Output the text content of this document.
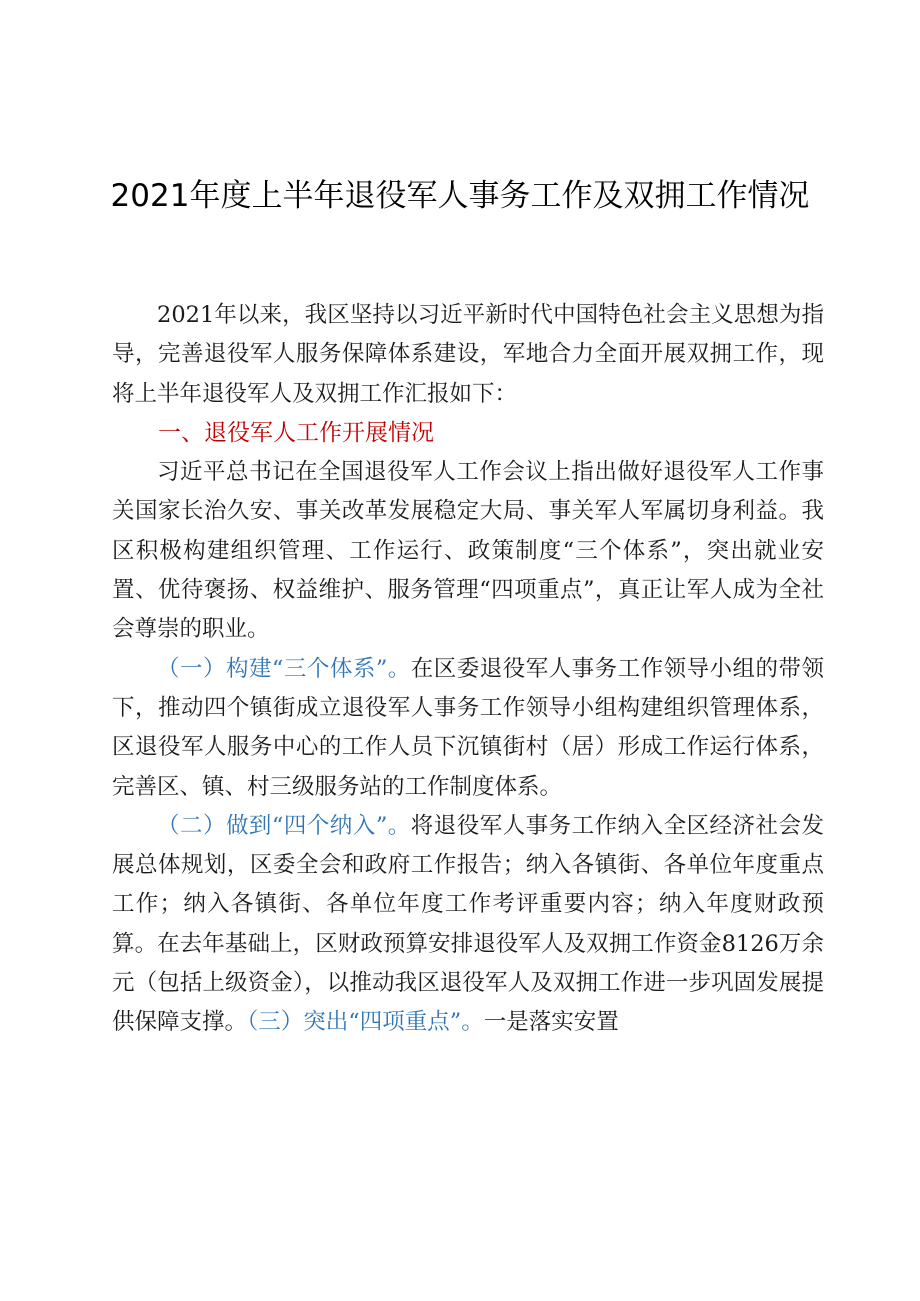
2021年度上半年退役军人事务工作及双拥工作情况

2021年以来，我区坚持以习近平新时代中国特色社会主义思想为指导，完善退役军人服务保障体系建设，军地合力全面开展双拥工作，现将上半年退役军人及双拥工作汇报如下：

一、退役军人工作开展情况

习近平总书记在全国退役军人工作会议上指出做好退役军人工作事关国家长治久安、事关改革发展稳定大局、事关军人军属切身利益。我区积极构建组织管理、工作运行、政策制度“三个体系”，突出就业安置、优待褒扬、权益维护、服务管理“四项重点”，真正让军人成为全社会尊崇的职业。

（一）构建“三个体系”。在区委退役军人事务工作领导小组的带领下，推动四个镇街成立退役军人事务工作领导小组构建组织管理体系，区退役军人服务中心的工作人员下沉镇街村（居）形成工作运行体系，完善区、镇、村三级服务站的工作制度体系。

（二）做到“四个纳入”。将退役军人事务工作纳入全区经济社会发展总体规划，区委全会和政府工作报告；纳入各镇街、各单位年度重点工作；纳入各镇街、各单位年度工作考评重要内容；纳入年度财政预算。在去年基础上，区财政预算安排退役军人及双拥工作资金8126万余元（包括上级资金），以推动我区退役军人及双拥工作进一步巩固发展提供保障支撑。（三）突出“四项重点”。一是落实安置
